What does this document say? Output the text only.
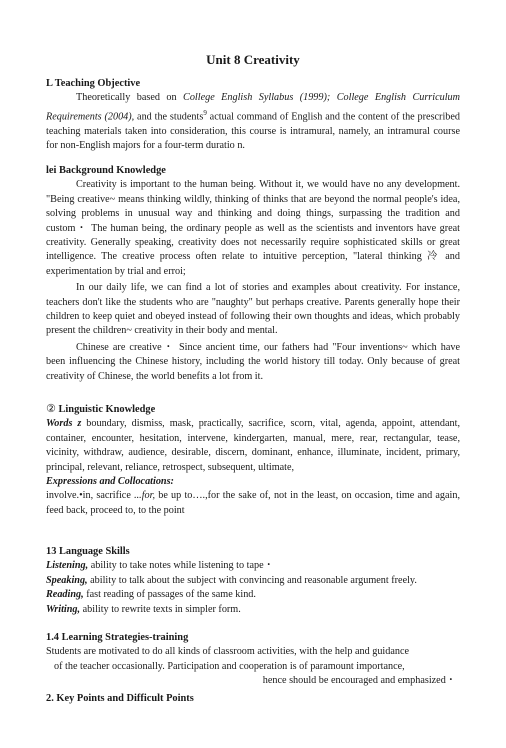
Unit 8 Creativity
L Teaching Objective
Theoretically based on College English Syllabus (1999); College English Curriculum Requirements (2004), and the students$^9$ actual command of English and the content of the prescribed teaching materials taken into consideration, this course is intramural, namely, an intramural course for non-English majors for a four-term duratio n.
lei Background Knowledge
Creativity is important to the human being. Without it, we would have no any development. "Being creative~ means thinking wildly, thinking of thinks that are beyond the normal people's idea, solving problems in unusual way and thinking and doing things, surpassing the tradition and custom・ The human being, the ordinary people as well as the scientists and inventors have great creativity. Generally speaking, creativity does not necessarily require sophisticated skills or great intelligence. The creative process often relate to intuitive perception, "lateral thinking 冷 and experimentation by trial and erroi;
In our daily life, we can find a lot of stories and examples about creativity. For instance, teachers don't like the students who are "naughty" but perhaps creative. Parents generally hope their children to keep quiet and obeyed instead of following their own thoughts and ideas, which probably present the children~ creativity in their body and mental.
Chinese are creative・ Since ancient time, our fathers had "Four inventions~ which have been influencing the Chinese history, including the world history till today. Only because of great creativity of Chinese, the world benefits a lot from it.
② Linguistic Knowledge
Words z boundary, dismiss, mask, practically, sacrifice, scorn, vital, agenda, appoint, attendant, container, encounter, hesitation, intervene, kindergarten, manual, mere, rear, rectangular, tease, vicinity, withdraw, audience, desirable, discern, dominant, enhance, illuminate, incident, primary, principal, relevant, reliance, retrospect, subsequent, ultimate,
Expressions and Collocations:
involve.•in, sacrifice ...for, be up to….,for the sake of, not in the least, on occasion, time and again, feed back, proceed to, to the point
13 Language Skills
Listening, ability to take notes while listening to tape・
Speaking, ability to talk about the subject with convincing and reasonable argument freely.
Reading, fast reading of passages of the same kind.
Writing, ability to rewrite texts in simpler form.
1.4 Learning Strategies-training
Students are motivated to do all kinds of classroom activities, with the help and guidance
of the teacher occasionally. Participation and cooperation is of paramount importance,
hence should be encouraged and emphasized・
2. Key Points and Difficult Points
